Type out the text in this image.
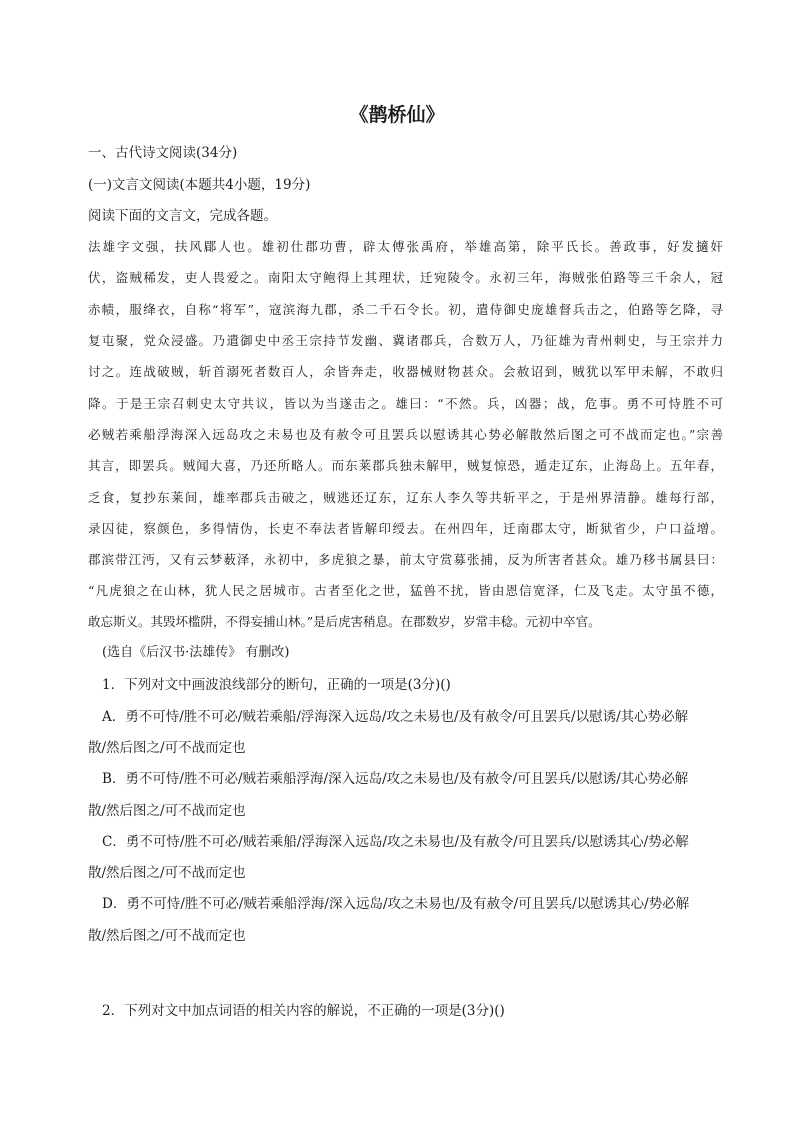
《鹊桥仙》
一、古代诗文阅读(34分)
(一)文言文阅读(本题共4小题，19分)
阅读下面的文言文，完成各题。
法雄字文强，扶风郿人也。雄初仕郡功曹，辟太傅张禹府，举雄高第，除平氏长。善政事，好发擿奸
伏，盗贼稀发，吏人畏爱之。南阳太守鲍得上其理状，迁宛陵令。永初三年，海贼张伯路等三千余人，冠
赤帻，服绛衣，自称“将军”，寇滨海九郡，杀二千石令长。初，遣侍御史庞雄督兵击之，伯路等乞降，寻
复屯聚，党众浸盛。乃遣御史中丞王宗持节发幽、冀诸郡兵，合数万人，乃征雄为青州刺史，与王宗并力
讨之。连战破贼，斩首溺死者数百人，余皆奔走，收器械财物甚众。会赦诏到，贼犹以军甲未解，不敢归
降。于是王宗召刺史太守共议，皆以为当遂击之。雄曰：“不然。兵，凶器；战，危事。勇不可恃胜不可
必贼若乘船浮海深入远岛攻之未易也及有赦令可且罢兵以慰诱其心势必解散然后图之可不战而定也。”宗善
其言，即罢兵。贼闻大喜，乃还所略人。而东莱郡兵独未解甲，贼复惊恐，遁走辽东，止海岛上。五年春，
乏食，复抄东莱间，雄率郡兵击破之，贼逃还辽东，辽东人李久等共斩平之，于是州界清静。雄每行部，
录囚徒，察颜色，多得情伪，长吏不奉法者皆解印绶去。在州四年，迁南郡太守，断狱省少，户口益增。
郡滨带江沔，又有云梦薮泽，永初中，多虎狼之暴，前太守赏募张捕，反为所害者甚众。雄乃移书属县曰：
“凡虎狼之在山林，犹人民之居城市。古者至化之世，猛兽不扰，皆由恩信宽泽，仁及飞走。太守虽不德，
敢忘斯义。其毁坏槛阱，不得妄捕山林。”是后虎害稍息。在郡数岁，岁常丰稔。元初中卒官。
(选自《后汉书·法雄传》 有删改)
1．下列对文中画波浪线部分的断句，正确的一项是(3分)()
A．勇不可恃/胜不可必/贼若乘船/浮海深入远岛/攻之未易也/及有赦令/可且罢兵/以慰诱/其心势必解
散/然后图之/可不战而定也
B．勇不可恃/胜不可必/贼若乘船浮海/深入远岛/攻之未易也/及有赦令/可且罢兵/以慰诱/其心势必解
散/然后图之/可不战而定也
C．勇不可恃/胜不可必/贼若乘船/浮海深入远岛/攻之未易也/及有赦令/可且罢兵/以慰诱其心/势必解
散/然后图之/可不战而定也
D．勇不可恃/胜不可必/贼若乘船浮海/深入远岛/攻之未易也/及有赦令/可且罢兵/以慰诱其心/势必解
散/然后图之/可不战而定也
2．下列对文中加点词语的相关内容的解说，不正确的一项是(3分)()
